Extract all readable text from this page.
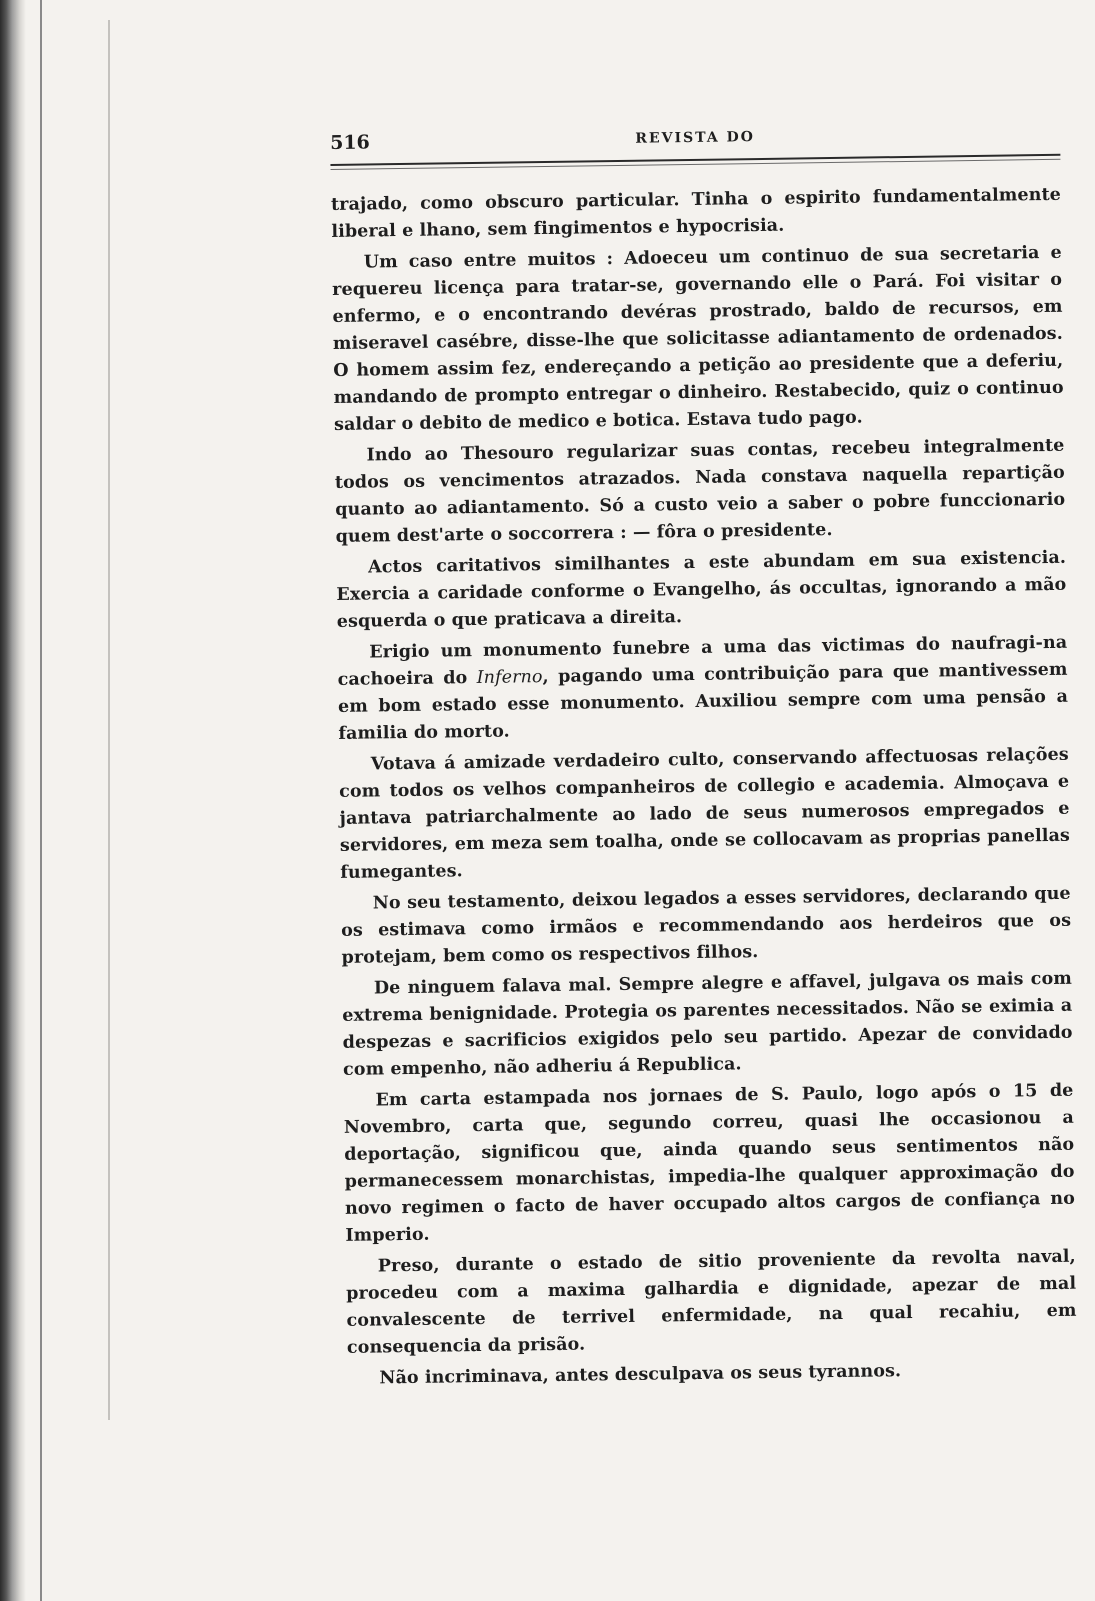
516	REVISTA DO

trajado, como obscuro particular. Tinha o espirito fundamentalmente liberal e lhano, sem fingimentos e hypocrisia.

Um caso entre muitos : Adoeceu um continuo de sua secretaria e requereu licença para tratar-se, governando elle o Pará. Foi visitar o enfermo, e o encontrando devéras prostrado, baldo de recursos, em miseravel casébre, disse-lhe que solicitasse adiantamento de ordenados. O homem assim fez, endereçando a petição ao presidente que a deferiu, mandando de prompto entregar o dinheiro. Restabecido, quiz o continuo saldar o debito de medico e botica. Estava tudo pago.

Indo ao Thesouro regularizar suas contas, recebeu integralmente todos os vencimentos atrazados. Nada constava naquella repartição quanto ao adiantamento. Só a custo veio a saber o pobre funccionario quem dest'arte o soccorrera : — fôra o presidente.

Actos caritativos similhantes a este abundam em sua existencia. Exercia a caridade conforme o Evangelho, ás occultas, ignorando a mão esquerda o que praticava a direita.

Erigio um monumento funebre a uma das victimas do naufragi-na cachoeira do Inferno, pagando uma contribuição para que mantivessem em bom estado esse monumento. Auxiliou sempre com uma pensão a familia do morto.

Votava á amizade verdadeiro culto, conservando affectuosas relações com todos os velhos companheiros de collegio e academia. Almoçava e jantava patriarchalmente ao lado de seus numerosos empregados e servidores, em meza sem toalha, onde se collocavam as proprias panellas fumegantes.

No seu testamento, deixou legados a esses servidores, declarando que os estimava como irmãos e recommendando aos herdeiros que os protejam, bem como os respectivos filhos.

De ninguem falava mal. Sempre alegre e affavel, julgava os mais com extrema benignidade. Protegia os parentes necessitados. Não se eximia a despezas e sacrificios exigidos pelo seu partido. Apezar de convidado com empenho, não adheriu á Republica.

Em carta estampada nos jornaes de S. Paulo, logo após o 15 de Novembro, carta que, segundo correu, quasi lhe occasionou a deportação, significou que, ainda quando seus sentimentos não permanecessem monarchistas, impedia-lhe qualquer approximação do novo regimen o facto de haver occupado altos cargos de confiança no Imperio.

Preso, durante o estado de sitio proveniente da revolta naval, procedeu com a maxima galhardia e dignidade, apezar de mal convalescente de terrivel enfermidade, na qual recahiu, em consequencia da prisão.

Não incriminava, antes desculpava os seus tyrannos.
